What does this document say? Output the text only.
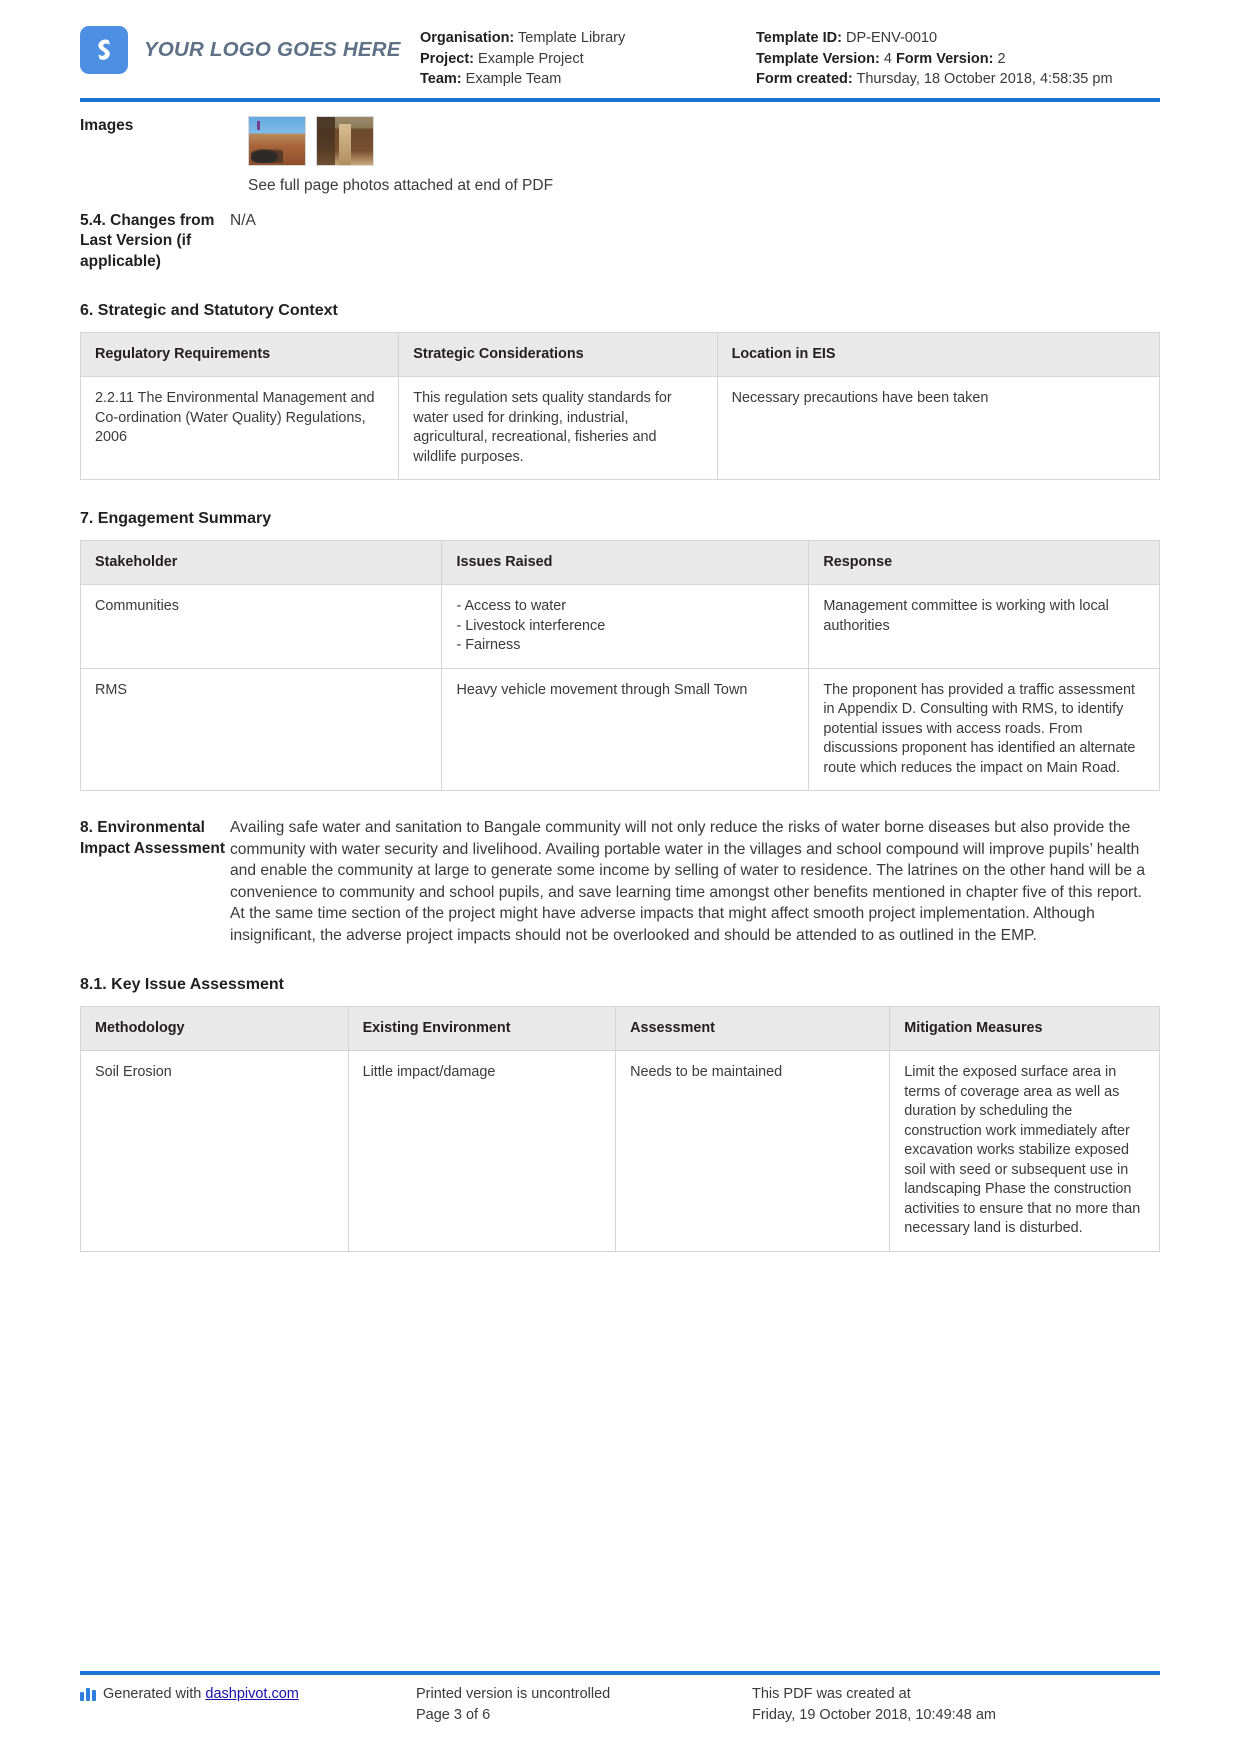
YOUR LOGO GOES HERE Organisation: Template Library
Project: Example Project
Team: Example Team
Template ID: DP-ENV-0010
Template Version: 4 Form Version: 2
Form created: Thursday, 18 October 2018, 4:58:35 pm
Images
See full page photos attached at end of PDF
5.4. Changes from Last Version (if applicable)
N/A
6. Strategic and Statutory Context
Regulatory Requirements	Strategic Considerations	Location in EIS
2.2.11 The Environmental Management and Co-ordination (Water Quality) Regulations, 2006	This regulation sets quality standards for water used for drinking, industrial, agricultural, recreational, fisheries and wildlife purposes.	Necessary precautions have been taken
7. Engagement Summary
Stakeholder	Issues Raised	Response
Communities	- Access to water
- Livestock interference
- Fairness	Management committee is working with local authorities
RMS	Heavy vehicle movement through Small Town	The proponent has provided a traffic assessment in Appendix D. Consulting with RMS, to identify potential issues with access roads. From discussions proponent has identified an alternate route which reduces the impact on Main Road.
8. Environmental Impact Assessment
Availing safe water and sanitation to Bangale community will not only reduce the risks of water borne diseases but also provide the community with water security and livelihood. Availing portable water in the villages and school compound will improve pupils’ health and enable the community at large to generate some income by selling of water to residence. The latrines on the other hand will be a convenience to community and school pupils, and save learning time amongst other benefits mentioned in chapter five of this report. At the same time section of the project might have adverse impacts that might affect smooth project implementation. Although insignificant, the adverse project impacts should not be overlooked and should be attended to as outlined in the EMP.
8.1. Key Issue Assessment
Methodology	Existing Environment	Assessment	Mitigation Measures
Soil Erosion	Little impact/damage	Needs to be maintained	Limit the exposed surface area in terms of coverage area as well as duration by scheduling the construction work immediately after excavation works stabilize exposed soil with seed or subsequent use in landscaping Phase the construction activities to ensure that no more than necessary land is disturbed.
Generated with dashpivot.com	Printed version is uncontrolled
Page 3 of 6
This PDF was created at
Friday, 19 October 2018, 10:49:48 am
